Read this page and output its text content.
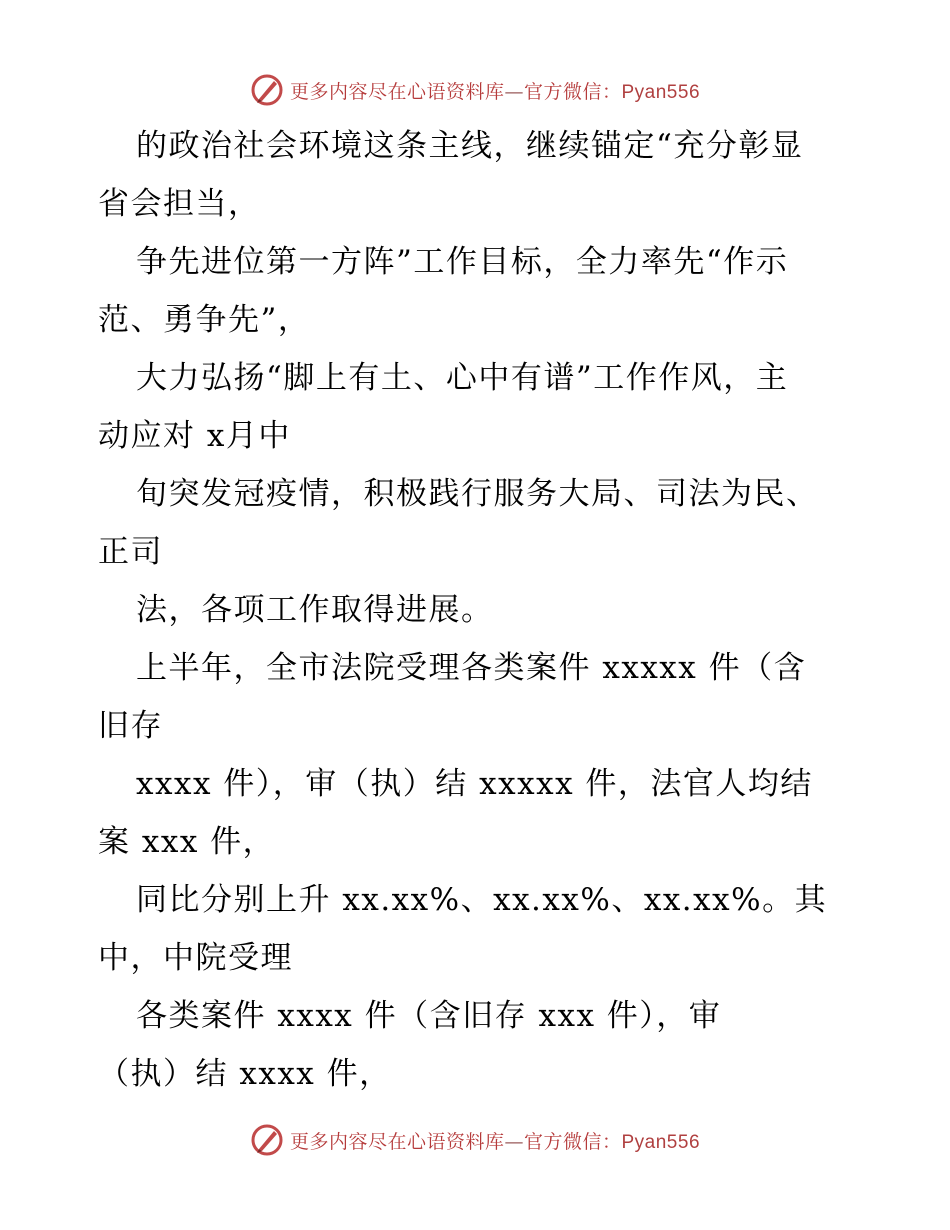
更多内容尽在心语资料库—官方微信：Pyan556
的政治社会环境这条主线，继续锚定“充分彰显
省会担当，
争先进位第一方阵”工作目标，全力率先“作示
范、勇争先”，
大力弘扬“脚上有土、心中有谱”工作作风，主
动应对 x月中
旬突发冠疫情，积极践行服务大局、司法为民、
正司
法，各项工作取得进展。
上半年，全市法院受理各类案件 xxxxx 件（含
旧存
xxxx 件），审（执）结 xxxxx 件，法官人均结
案 xxx 件，
同比分别上升 xx.xx%、xx.xx%、xx.xx%。其
中，中院受理
各类案件 xxxx 件（含旧存 xxx 件），审
（执）结 xxxx 件，
更多内容尽在心语资料库—官方微信：Pyan556
